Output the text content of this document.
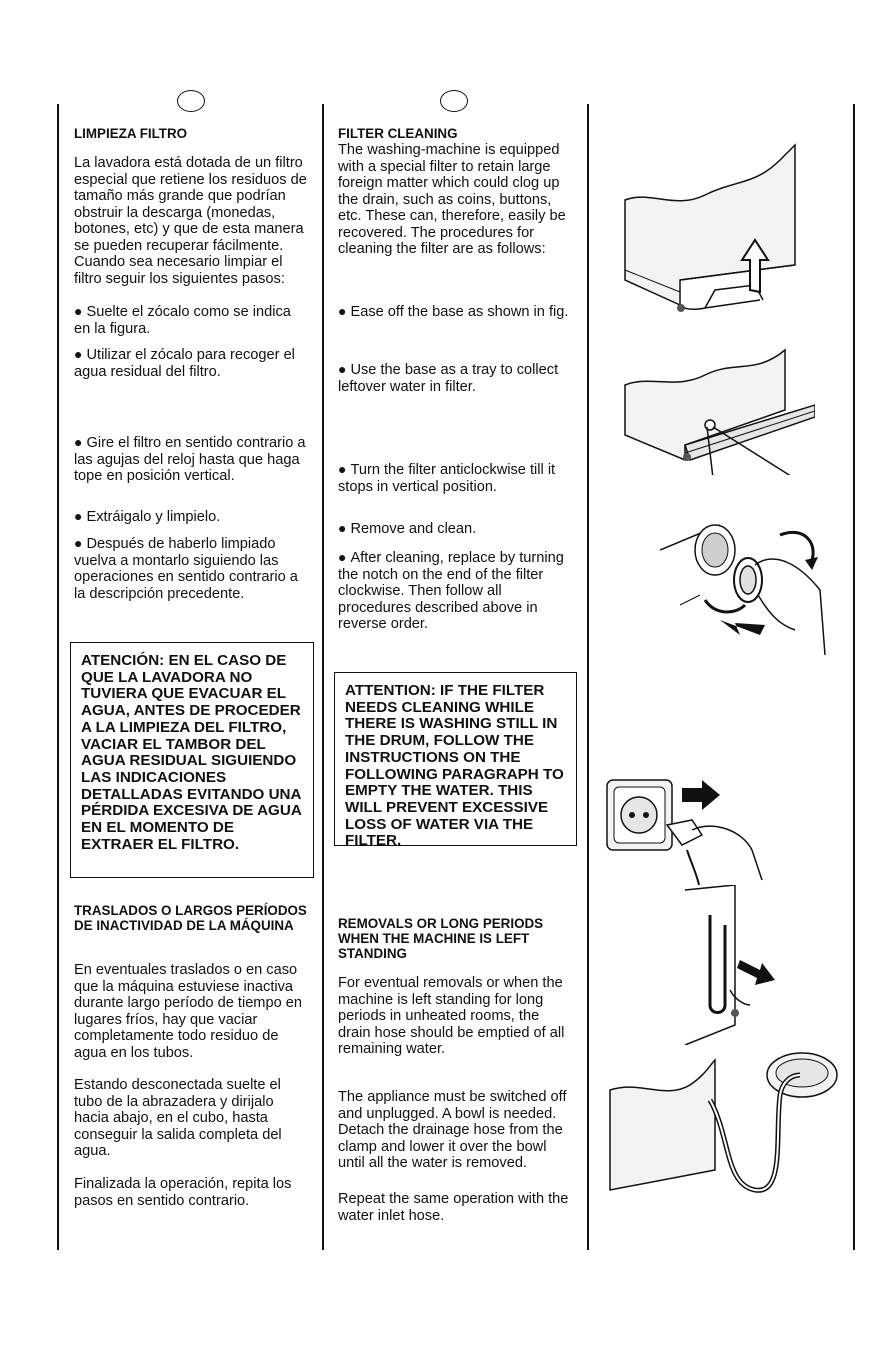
LIMPIEZA FILTRO
La lavadora está dotada de un filtro especial que retiene los residuos de tamaño más grande que podrían obstruir la descarga (monedas, botones, etc) y que de esta manera se pueden recuperar fácilmente. Cuando sea necesario limpiar el filtro seguir los siguientes pasos:
● Suelte el zócalo como se indica en la figura.
● Utilizar el zócalo para recoger el agua residual del filtro.
● Gire el filtro en sentido contrario a las agujas del reloj hasta que haga tope en posición vertical.
● Extráigalo y limpielo.
● Después de haberlo limpiado vuelva a montarlo siguiendo las operaciones en sentido contrario a la descripción precedente.
ATENCIÓN: EN EL CASO DE QUE LA LAVADORA NO TUVIERA QUE EVACUAR EL AGUA, ANTES DE PROCEDER A LA LIMPIEZA DEL FILTRO, VACIAR EL TAMBOR DEL AGUA RESIDUAL SIGUIENDO LAS INDICACIONES DETALLADAS EVITANDO UNA PÉRDIDA EXCESIVA DE AGUA EN EL MOMENTO DE EXTRAER EL FILTRO.
TRASLADOS O LARGOS PERÍODOS DE INACTIVIDAD DE LA MÁQUINA
En eventuales traslados o en caso que la máquina estuviese inactiva durante largo período de tiempo en lugares fríos, hay que vaciar completamente todo residuo de agua en los tubos.
Estando desconectada suelte el tubo de la abrazadera y dirijalo hacia abajo, en el cubo, hasta conseguir la salida completa del agua.
Finalizada la operación, repita los pasos en sentido contrario.
FILTER CLEANING
The washing-machine is equipped with a special filter to retain large foreign matter which could clog up the drain, such as coins, buttons, etc. These can, therefore, easily be recovered. The procedures for cleaning the filter are as follows:
● Ease off the base as shown in fig.
● Use the base as a tray to collect leftover water in filter.
● Turn the filter anticlockwise till it stops in vertical position.
● Remove and clean.
● After cleaning, replace by turning the notch on the end of the filter clockwise. Then follow all procedures described above in reverse order.
ATTENTION: IF THE FILTER NEEDS CLEANING WHILE THERE IS WASHING STILL IN THE DRUM, FOLLOW THE INSTRUCTIONS ON THE FOLLOWING PARAGRAPH TO EMPTY THE WATER. THIS WILL PREVENT EXCESSIVE LOSS OF WATER VIA THE FILTER.
REMOVALS OR LONG PERIODS WHEN THE MACHINE IS LEFT STANDING
For eventual removals or when the machine is left standing for long periods in unheated rooms, the drain hose should be emptied of all remaining water.
The appliance must be switched off and unplugged. A bowl is needed. Detach the drainage hose from the clamp and lower it over the bowl until all the water is removed.
Repeat the same operation with the water inlet hose.
